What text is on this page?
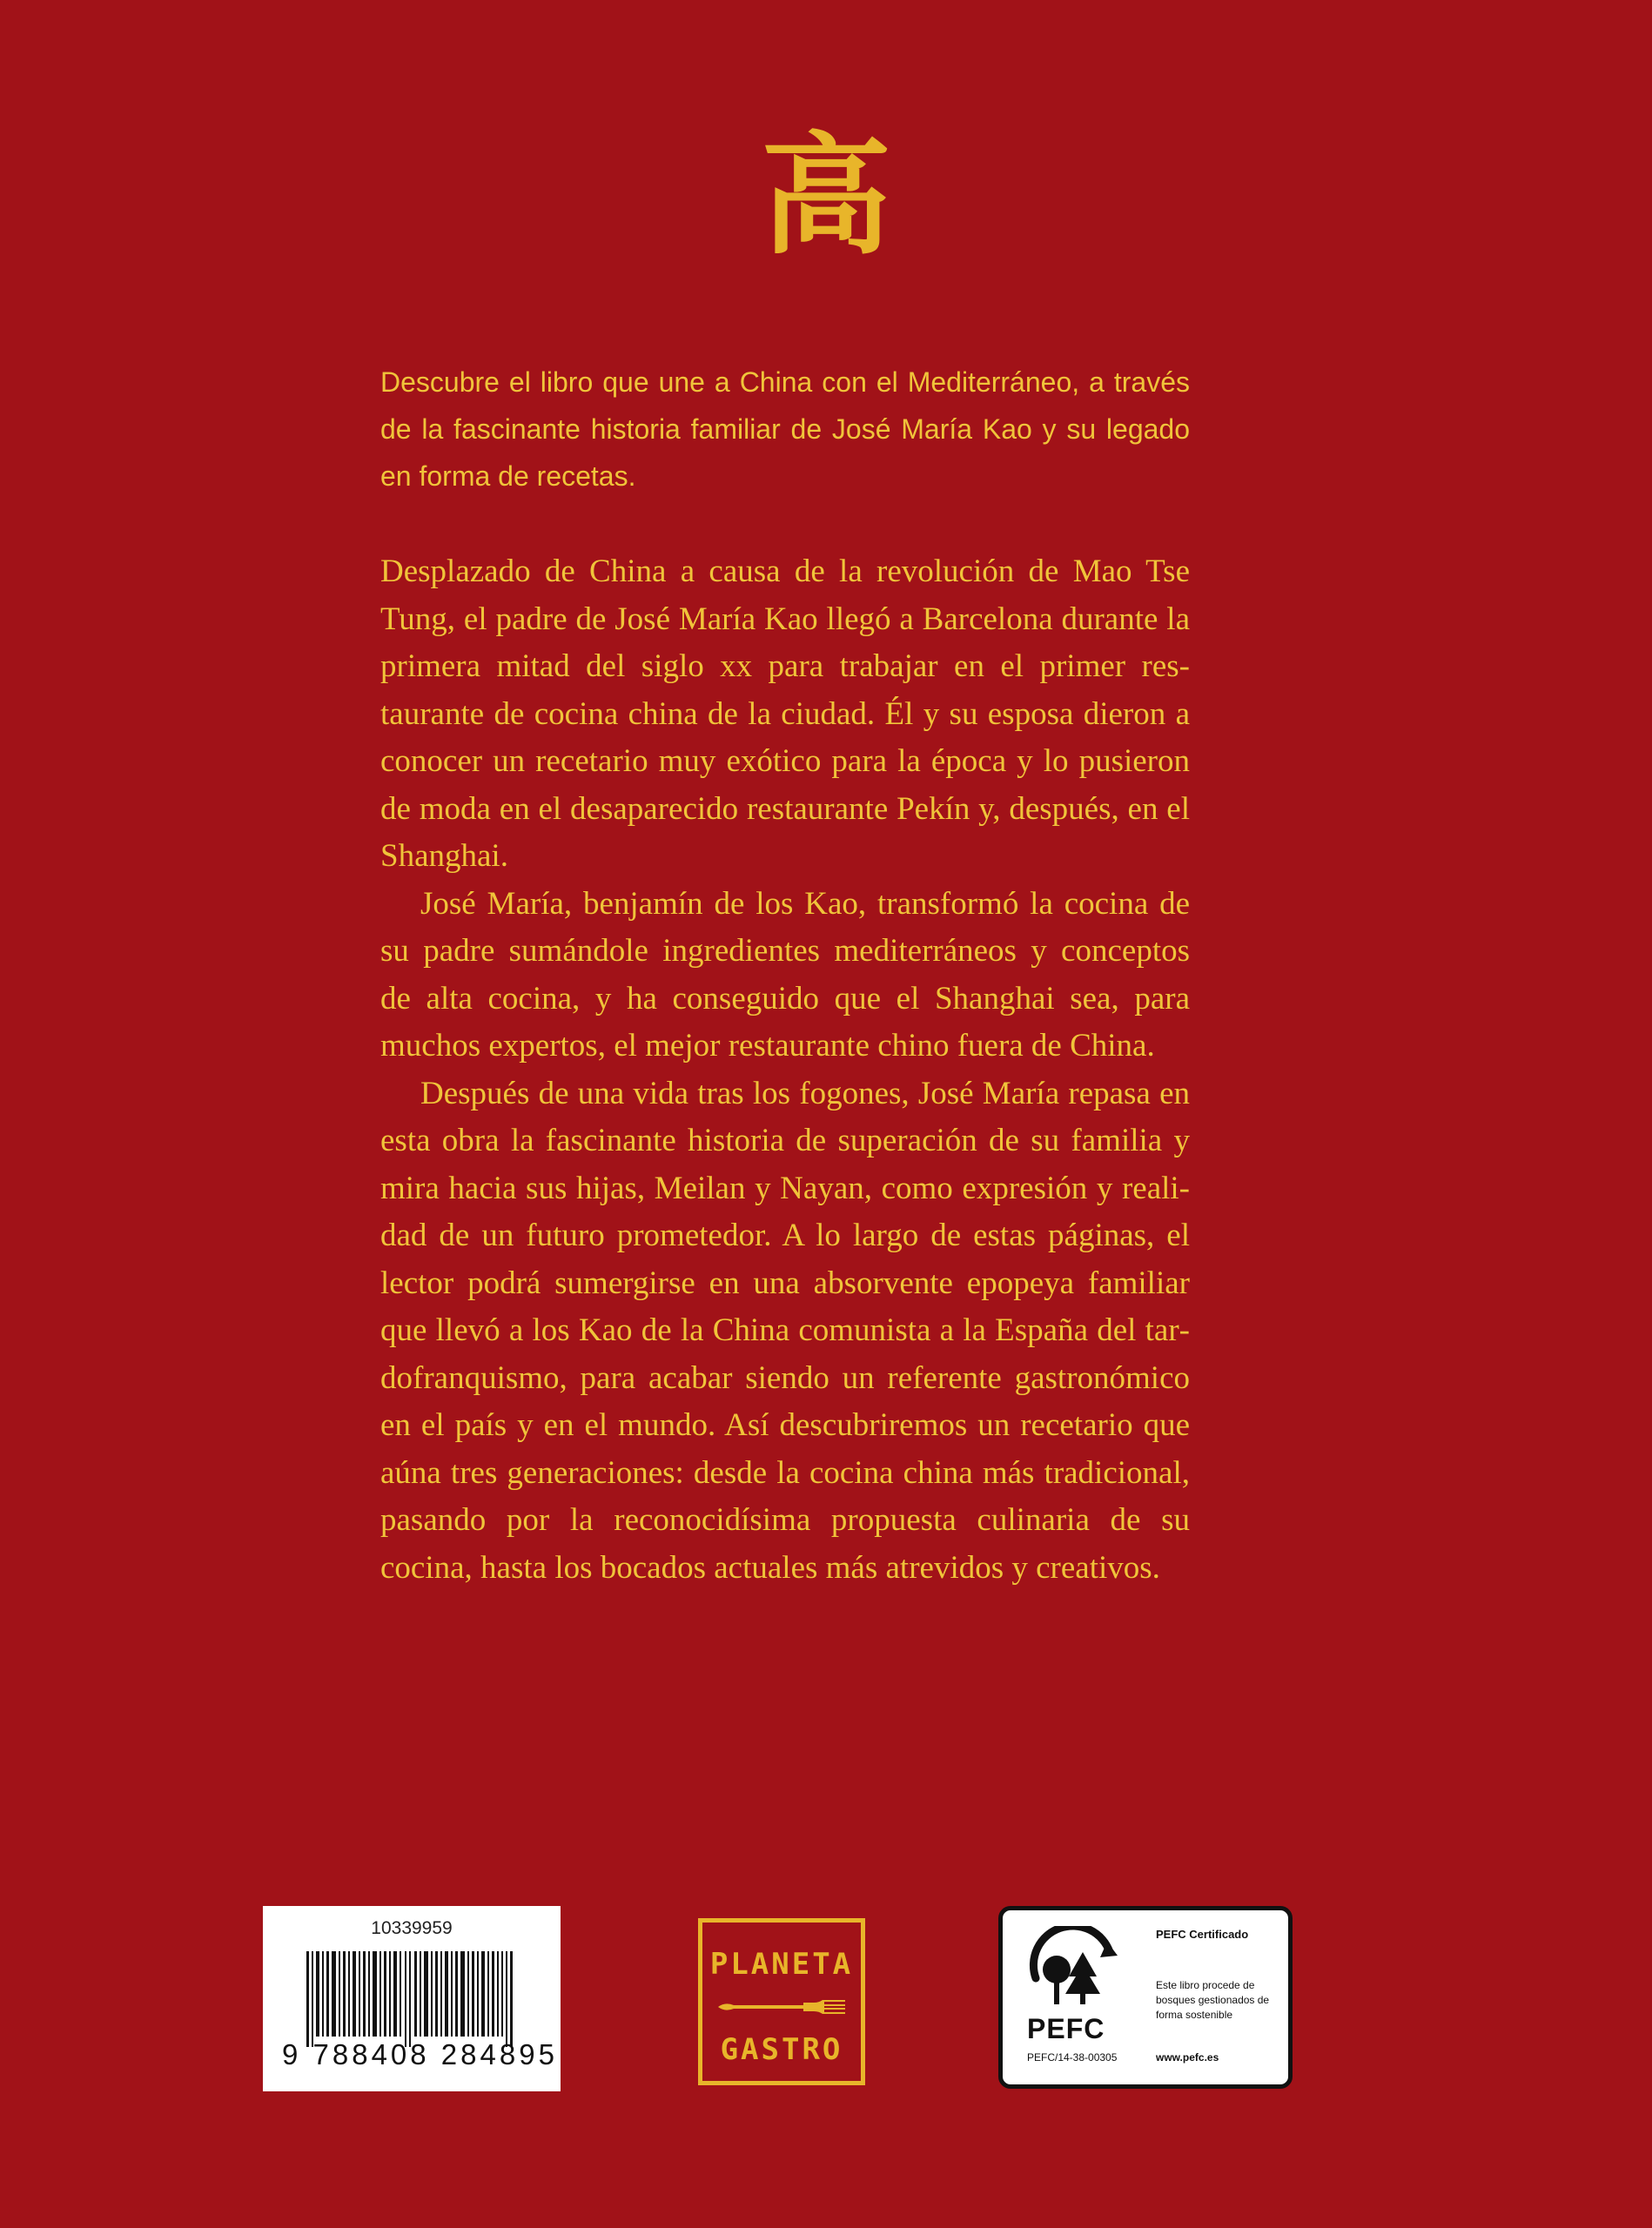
高
Descubre el libro que une a China con el Mediterráneo, a través de la fascinante historia familiar de José María Kao y su legado en forma de recetas.

Desplazado de China a causa de la revolución de Mao Tse Tung, el padre de José María Kao llegó a Barcelona durante la primera mitad del siglo xx para trabajar en el primer restaurante de cocina china de la ciudad. Él y su esposa dieron a conocer un recetario muy exótico para la época y lo pusieron de moda en el desaparecido restaurante Pekín y, después, en el Shanghai.

José María, benjamín de los Kao, transformó la cocina de su padre sumándole ingredientes mediterráneos y conceptos de alta cocina, y ha conseguido que el Shanghai sea, para muchos expertos, el mejor restaurante chino fuera de China.

Después de una vida tras los fogones, José María repasa en esta obra la fascinante historia de superación de su familia y mira hacia sus hijas, Meilan y Nayan, como expresión y realidad de un futuro prometedor. A lo largo de estas páginas, el lector podrá sumergirse en una absorvente epopeya familiar que llevó a los Kao de la China comunista a la España del tardofranquismo, para acabar siendo un referente gastronómico en el país y en el mundo. Así descubriremos un recetario que aúna tres generaciones: desde la cocina china más tradicional, pasando por la reconocidísima propuesta culinaria de su cocina, hasta los bocados actuales más atrevidos y creativos.

10339959
9 788408 284895
PLANETA
GASTRO
PEFC
PEFC/14-38-00305
PEFC Certificado
Este libro procede de bosques gestionados de forma sostenible
www.pefc.es
